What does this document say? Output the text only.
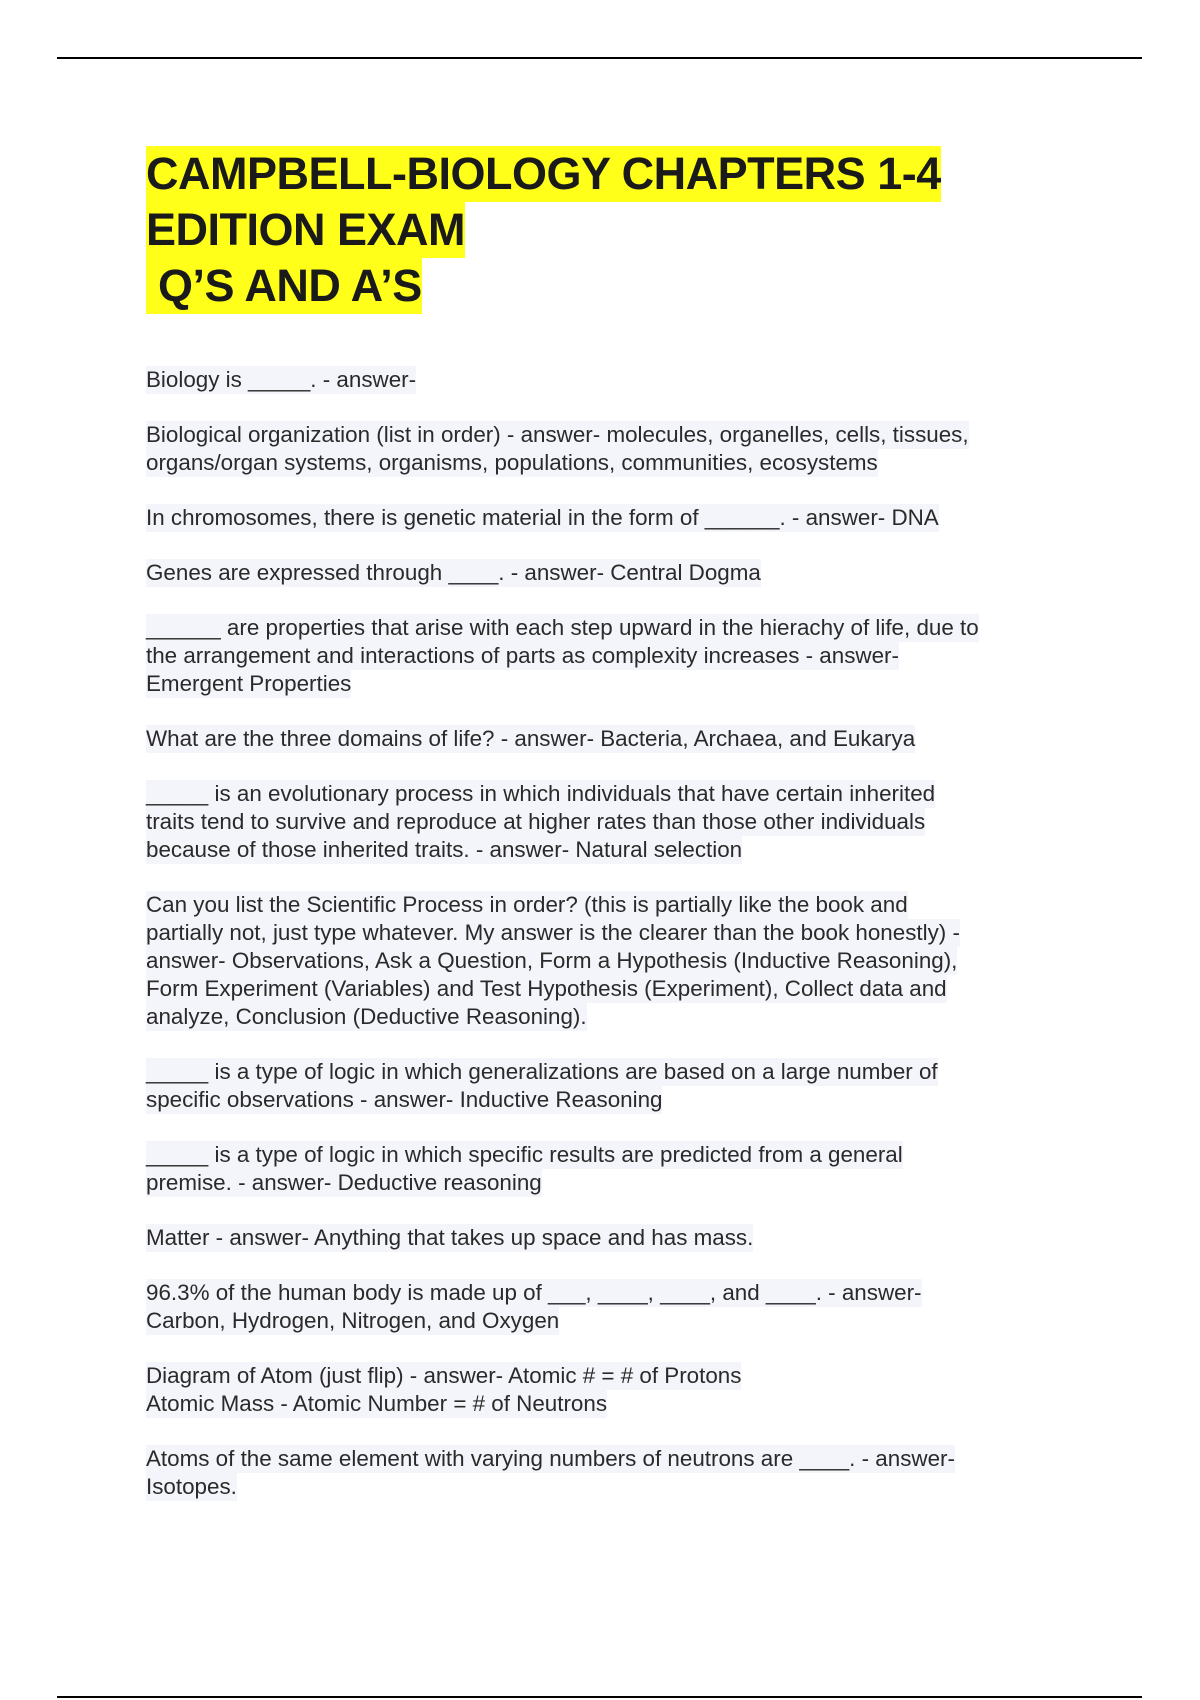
CAMPBELL-BIOLOGY CHAPTERS 1-4
EDITION EXAM
Q’S AND A’S
Biology is _____. - answer-
Biological organization (list in order) - answer- molecules, organelles, cells, tissues,
organs/organ systems, organisms, populations, communities, ecosystems
In chromosomes, there is genetic material in the form of ______. - answer- DNA
Genes are expressed through ____. - answer- Central Dogma
______ are properties that arise with each step upward in the hierachy of life, due to
the arrangement and interactions of parts as complexity increases - answer-
Emergent Properties
What are the three domains of life? - answer- Bacteria, Archaea, and Eukarya
_____ is an evolutionary process in which individuals that have certain inherited
traits tend to survive and reproduce at higher rates than those other individuals
because of those inherited traits. - answer- Natural selection
Can you list the Scientific Process in order? (this is partially like the book and
partially not, just type whatever. My answer is the clearer than the book honestly) -
answer- Observations, Ask a Question, Form a Hypothesis (Inductive Reasoning),
Form Experiment (Variables) and Test Hypothesis (Experiment), Collect data and
analyze, Conclusion (Deductive Reasoning).
_____ is a type of logic in which generalizations are based on a large number of
specific observations - answer- Inductive Reasoning
_____ is a type of logic in which specific results are predicted from a general
premise. - answer- Deductive reasoning
Matter - answer- Anything that takes up space and has mass.
96.3% of the human body is made up of ___, ____, ____, and ____. - answer-
Carbon, Hydrogen, Nitrogen, and Oxygen
Diagram of Atom (just flip) - answer- Atomic # = # of Protons
Atomic Mass - Atomic Number = # of Neutrons
Atoms of the same element with varying numbers of neutrons are ____. - answer-
Isotopes.
